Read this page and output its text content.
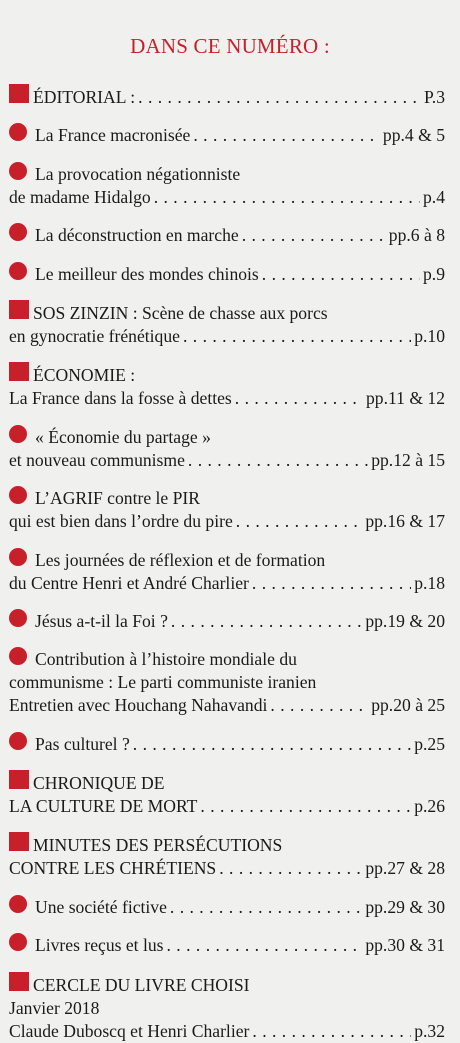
DANS CE NUMÉRO :
ÉDITORIAL : . . .	P.3
La France macronisée . . .	pp.4 & 5
La provocation négationniste
de madame Hidalgo . . .	p.4
La déconstruction en marche . . .	pp.6 à 8
Le meilleur des mondes chinois . . .	p.9
SOS ZINZIN : Scène de chasse aux porcs
en gynocratie frénétique . . .	p.10
ÉCONOMIE :
La France dans la fosse à dettes . . .	pp.11 & 12
« Économie du partage »
et nouveau communisme . . .	pp.12 à 15
L’AGRIF contre le PIR
qui est bien dans l’ordre du pire . . .	pp.16 & 17
Les journées de réflexion et de formation
du Centre Henri et André Charlier . . .	p.18
Jésus a-t-il la Foi ? . . .	pp.19 & 20
Contribution à l’histoire mondiale du
communisme : Le parti communiste iranien
Entretien avec Houchang Nahavandi . . .	pp.20 à 25
Pas culturel ? . . .	p.25
CHRONIQUE DE
LA CULTURE DE MORT . . .	p.26
MINUTES DES PERSÉCUTIONS
CONTRE LES CHRÉTIENS . . .	pp.27 & 28
Une société fictive . . .	pp.29 & 30
Livres reçus et lus . . .	pp.30 & 31
CERCLE DU LIVRE CHOISI
Janvier 2018
Claude Duboscq et Henri Charlier . . .	p.32
